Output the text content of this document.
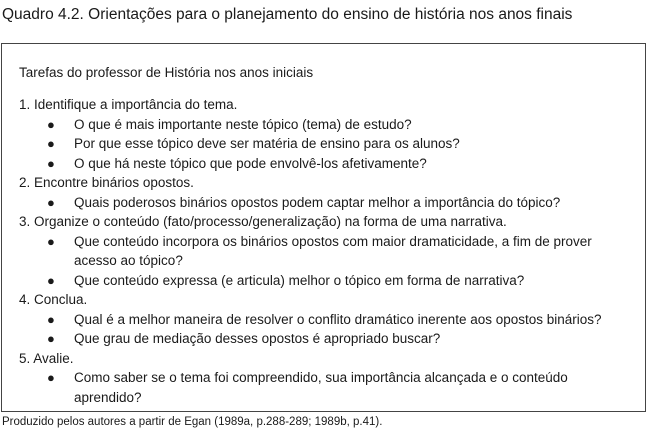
Quadro 4.2. Orientações para o planejamento do ensino de história nos anos finais
Tarefas do professor de História nos anos iniciais
1. Identifique a importância do tema.
● O que é mais importante neste tópico (tema) de estudo?
● Por que esse tópico deve ser matéria de ensino para os alunos?
● O que há neste tópico que pode envolvê-los afetivamente?
2. Encontre binários opostos.
● Quais poderosos binários opostos podem captar melhor a importância do tópico?
3. Organize o conteúdo (fato/processo/generalização) na forma de uma narrativa.
● Que conteúdo incorpora os binários opostos com maior dramaticidade, a fim de prover acesso ao tópico?
● Que conteúdo expressa (e articula) melhor o tópico em forma de narrativa?
4. Conclua.
● Qual é a melhor maneira de resolver o conflito dramático inerente aos opostos binários?
● Que grau de mediação desses opostos é apropriado buscar?
5. Avalie.
● Como saber se o tema foi compreendido, sua importância alcançada e o conteúdo aprendido?
Produzido pelos autores a partir de Egan (1989a, p.288-289; 1989b, p.41).
